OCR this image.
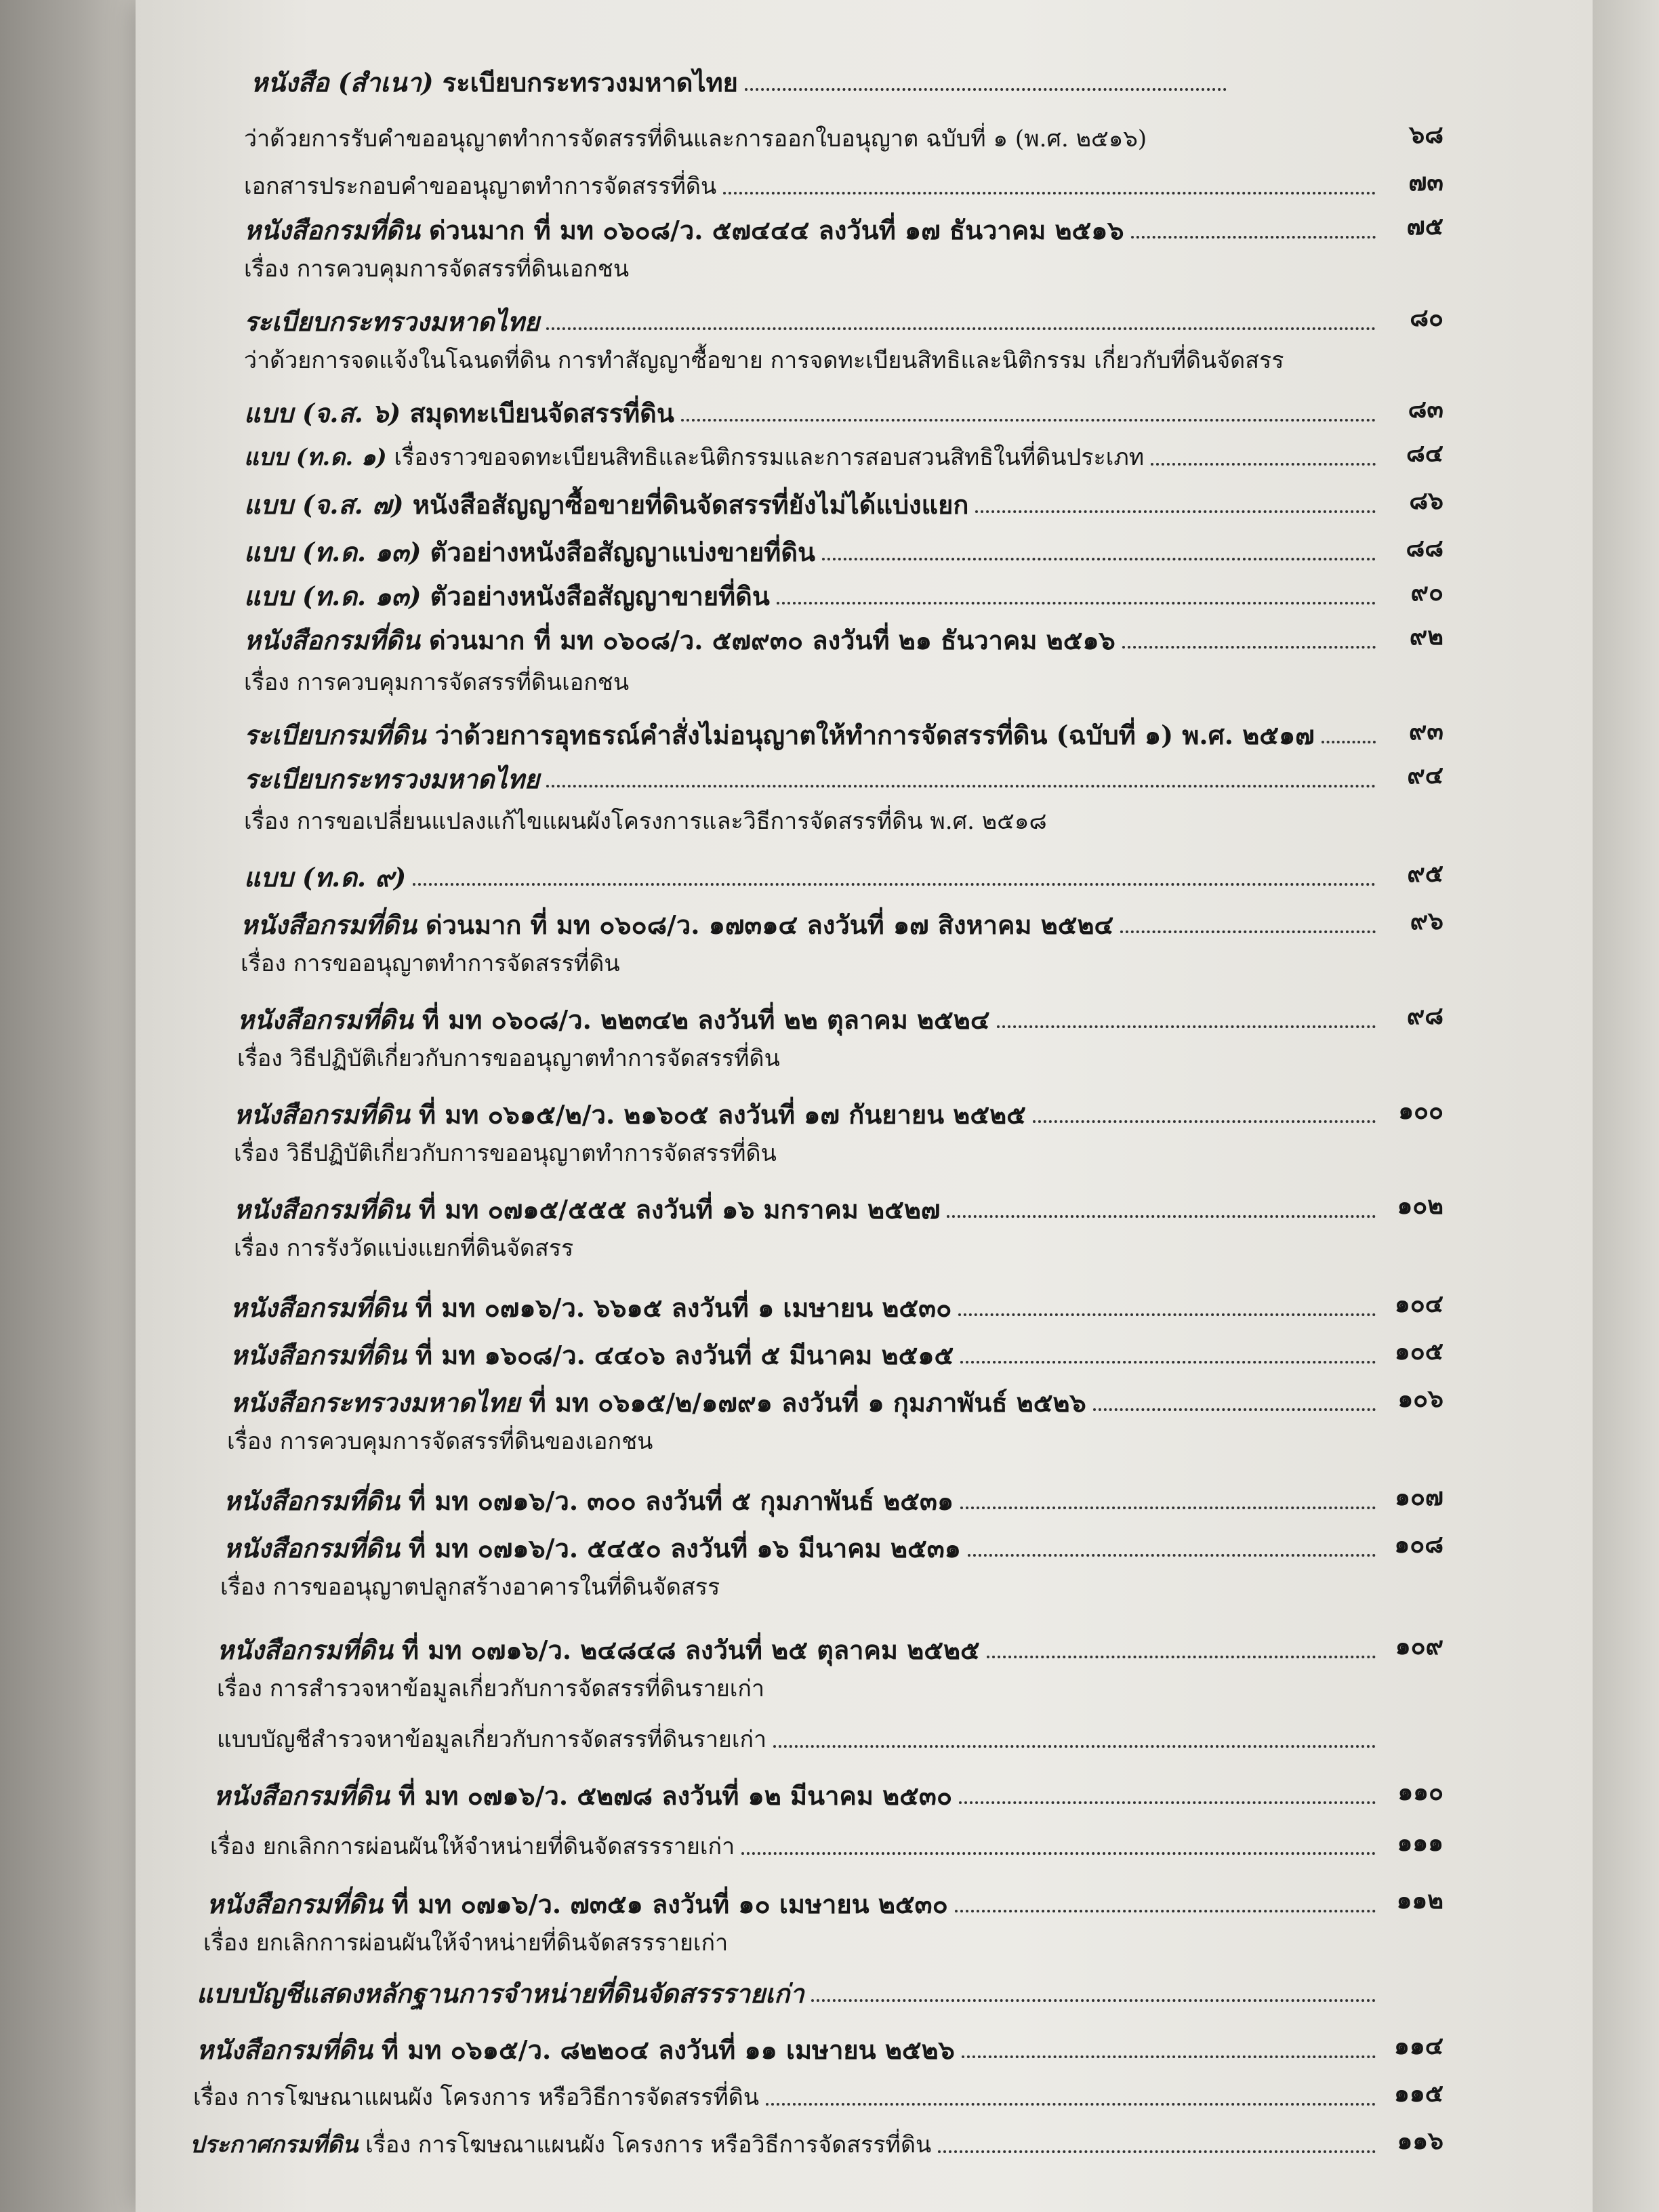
หนังสือ (สำเนา) ระเบียบกระทรวงมหาดไทย
ว่าด้วยการรับคำขออนุญาตทำการจัดสรรที่ดินและการออกใบอนุญาต ฉบับที่ ๑ (พ.ศ. ๒๕๑๖)	๖๘
เอกสารประกอบคำขออนุญาตทำการจัดสรรที่ดิน	๗๓
หนังสือกรมที่ดิน ด่วนมาก ที่ มท ๐๖๐๘/ว. ๕๗๔๔๔ ลงวันที่ ๑๗ ธันวาคม ๒๕๑๖	๗๕
เรื่อง การควบคุมการจัดสรรที่ดินเอกชน
ระเบียบกระทรวงมหาดไทย	๘๐
ว่าด้วยการจดแจ้งในโฉนดที่ดิน การทำสัญญาซื้อขาย การจดทะเบียนสิทธิและนิติกรรม เกี่ยวกับที่ดินจัดสรร
แบบ (จ.ส. ๖) สมุดทะเบียนจัดสรรที่ดิน	๘๓
แบบ (ท.ด. ๑) เรื่องราวขอจดทะเบียนสิทธิและนิติกรรมและการสอบสวนสิทธิในที่ดินประเภท	๘๔
แบบ (จ.ส. ๗) หนังสือสัญญาซื้อขายที่ดินจัดสรรที่ยังไม่ได้แบ่งแยก	๘๖
แบบ (ท.ด. ๑๓) ตัวอย่างหนังสือสัญญาแบ่งขายที่ดิน	๘๘
แบบ (ท.ด. ๑๓) ตัวอย่างหนังสือสัญญาขายที่ดิน	๙๐
หนังสือกรมที่ดิน ด่วนมาก ที่ มท ๐๖๐๘/ว. ๕๗๙๓๐ ลงวันที่ ๒๑ ธันวาคม ๒๕๑๖	๙๒
เรื่อง การควบคุมการจัดสรรที่ดินเอกชน
ระเบียบกรมที่ดิน ว่าด้วยการอุทธรณ์คำสั่งไม่อนุญาตให้ทำการจัดสรรที่ดิน (ฉบับที่ ๑) พ.ศ. ๒๕๑๗	๙๓
ระเบียบกระทรวงมหาดไทย	๙๔
เรื่อง การขอเปลี่ยนแปลงแก้ไขแผนผังโครงการและวิธีการจัดสรรที่ดิน พ.ศ. ๒๕๑๘
แบบ (ท.ด. ๙)	๙๕
หนังสือกรมที่ดิน ด่วนมาก ที่ มท ๐๖๐๘/ว. ๑๗๓๑๔ ลงวันที่ ๑๗ สิงหาคม ๒๕๒๔	๙๖
เรื่อง การขออนุญาตทำการจัดสรรที่ดิน
หนังสือกรมที่ดิน ที่ มท ๐๖๐๘/ว. ๒๒๓๔๒ ลงวันที่ ๒๒ ตุลาคม ๒๕๒๔	๙๘
เรื่อง วิธีปฏิบัติเกี่ยวกับการขออนุญาตทำการจัดสรรที่ดิน
หนังสือกรมที่ดิน ที่ มท ๐๖๑๕/๒/ว. ๒๑๖๐๕ ลงวันที่ ๑๗ กันยายน ๒๕๒๕	๑๐๐
เรื่อง วิธีปฏิบัติเกี่ยวกับการขออนุญาตทำการจัดสรรที่ดิน
หนังสือกรมที่ดิน ที่ มท ๐๗๑๕/๕๕๕ ลงวันที่ ๑๖ มกราคม ๒๕๒๗	๑๐๒
เรื่อง การรังวัดแบ่งแยกที่ดินจัดสรร
หนังสือกรมที่ดิน ที่ มท ๐๗๑๖/ว. ๖๖๑๕ ลงวันที่ ๑ เมษายน ๒๕๓๐	๑๐๔
หนังสือกรมที่ดิน ที่ มท ๑๖๐๘/ว. ๔๔๐๖ ลงวันที่ ๕ มีนาคม ๒๕๑๕	๑๐๕
หนังสือกระทรวงมหาดไทย ที่ มท ๐๖๑๕/๒/๑๗๙๑ ลงวันที่ ๑ กุมภาพันธ์ ๒๕๒๖	๑๐๖
เรื่อง การควบคุมการจัดสรรที่ดินของเอกชน
หนังสือกรมที่ดิน ที่ มท ๐๗๑๖/ว. ๓๐๐ ลงวันที่ ๕ กุมภาพันธ์ ๒๕๓๑	๑๐๗
หนังสือกรมที่ดิน ที่ มท ๐๗๑๖/ว. ๕๔๕๐ ลงวันที่ ๑๖ มีนาคม ๒๕๓๑	๑๐๘
เรื่อง การขออนุญาตปลูกสร้างอาคารในที่ดินจัดสรร
หนังสือกรมที่ดิน ที่ มท ๐๗๑๖/ว. ๒๔๘๔๘ ลงวันที่ ๒๕ ตุลาคม ๒๕๒๕	๑๐๙
เรื่อง การสำรวจหาข้อมูลเกี่ยวกับการจัดสรรที่ดินรายเก่า
แบบบัญชีสำรวจหาข้อมูลเกี่ยวกับการจัดสรรที่ดินรายเก่า
หนังสือกรมที่ดิน ที่ มท ๐๗๑๖/ว. ๕๒๗๘ ลงวันที่ ๑๒ มีนาคม ๒๕๓๐	๑๑๐
เรื่อง ยกเลิกการผ่อนผันให้จำหน่ายที่ดินจัดสรรรายเก่า	๑๑๑
หนังสือกรมที่ดิน ที่ มท ๐๗๑๖/ว. ๗๓๕๑ ลงวันที่ ๑๐ เมษายน ๒๕๓๐	๑๑๒
เรื่อง ยกเลิกการผ่อนผันให้จำหน่ายที่ดินจัดสรรรายเก่า
แบบบัญชีแสดงหลักฐานการจำหน่ายที่ดินจัดสรรรายเก่า
หนังสือกรมที่ดิน ที่ มท ๐๖๑๕/ว. ๘๒๒๐๔ ลงวันที่ ๑๑ เมษายน ๒๕๒๖	๑๑๔
เรื่อง การโฆษณาแผนผัง โครงการ หรือวิธีการจัดสรรที่ดิน	๑๑๕
ประกาศกรมที่ดิน เรื่อง การโฆษณาแผนผัง โครงการ หรือวิธีการจัดสรรที่ดิน	๑๑๖
